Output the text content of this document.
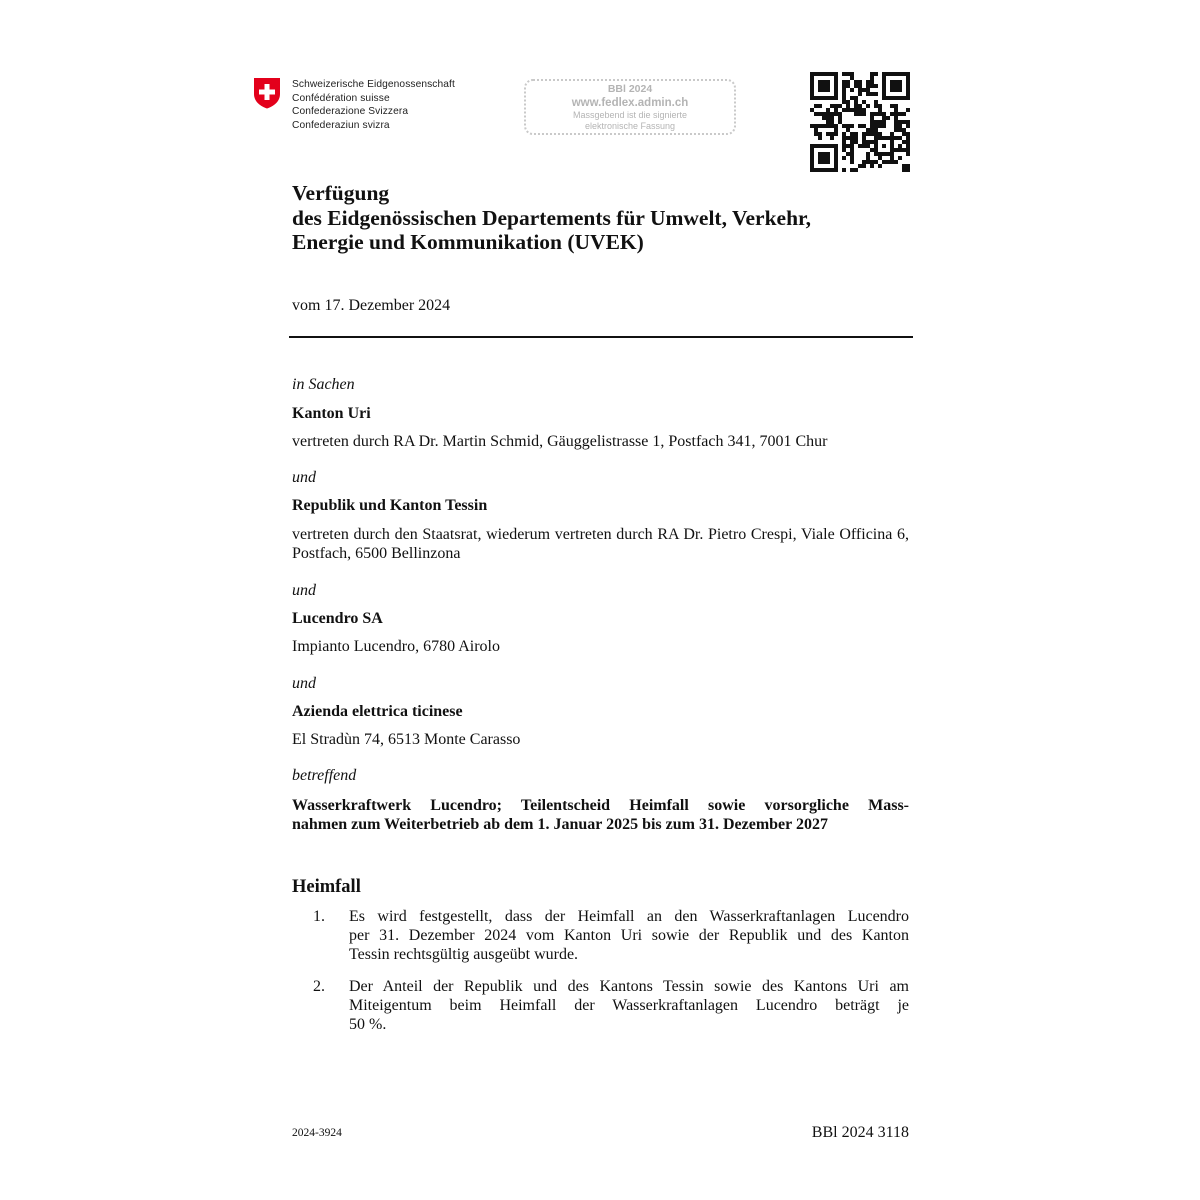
Schweizerische Eidgenossenschaft
Confédération suisse
Confederazione Svizzera
Confederaziun svizra
BBl 2024
www.fedlex.admin.ch
Massgebend ist die signierte
elektronische Fassung
Verfügung
des Eidgenössischen Departements für Umwelt, Verkehr,
Energie und Kommunikation (UVEK)
vom 17. Dezember 2024
in Sachen
Kanton Uri
vertreten durch RA Dr. Martin Schmid, Gäuggelistrasse 1, Postfach 341, 7001 Chur
und
Republik und Kanton Tessin
vertreten durch den Staatsrat, wiederum vertreten durch RA Dr. Pietro Crespi, Viale Officina 6, Postfach, 6500 Bellinzona
und
Lucendro SA
Impianto Lucendro, 6780 Airolo
und
Azienda elettrica ticinese
El Stradùn 74, 6513 Monte Carasso
betreffend
Wasserkraftwerk Lucendro; Teilentscheid Heimfall sowie vorsorgliche Mass-
nahmen zum Weiterbetrieb ab dem 1. Januar 2025 bis zum 31. Dezember 2027
Heimfall
1.	Es wird festgestellt, dass der Heimfall an den Wasserkraftanlagen Lucendro
per 31. Dezember 2024 vom Kanton Uri sowie der Republik und des Kanton
Tessin rechtsgültig ausgeübt wurde.
2.	Der Anteil der Republik und des Kantons Tessin sowie des Kantons Uri am
Miteigentum beim Heimfall der Wasserkraftanlagen Lucendro beträgt je
50 %.
2024-3924	BBl 2024 3118
